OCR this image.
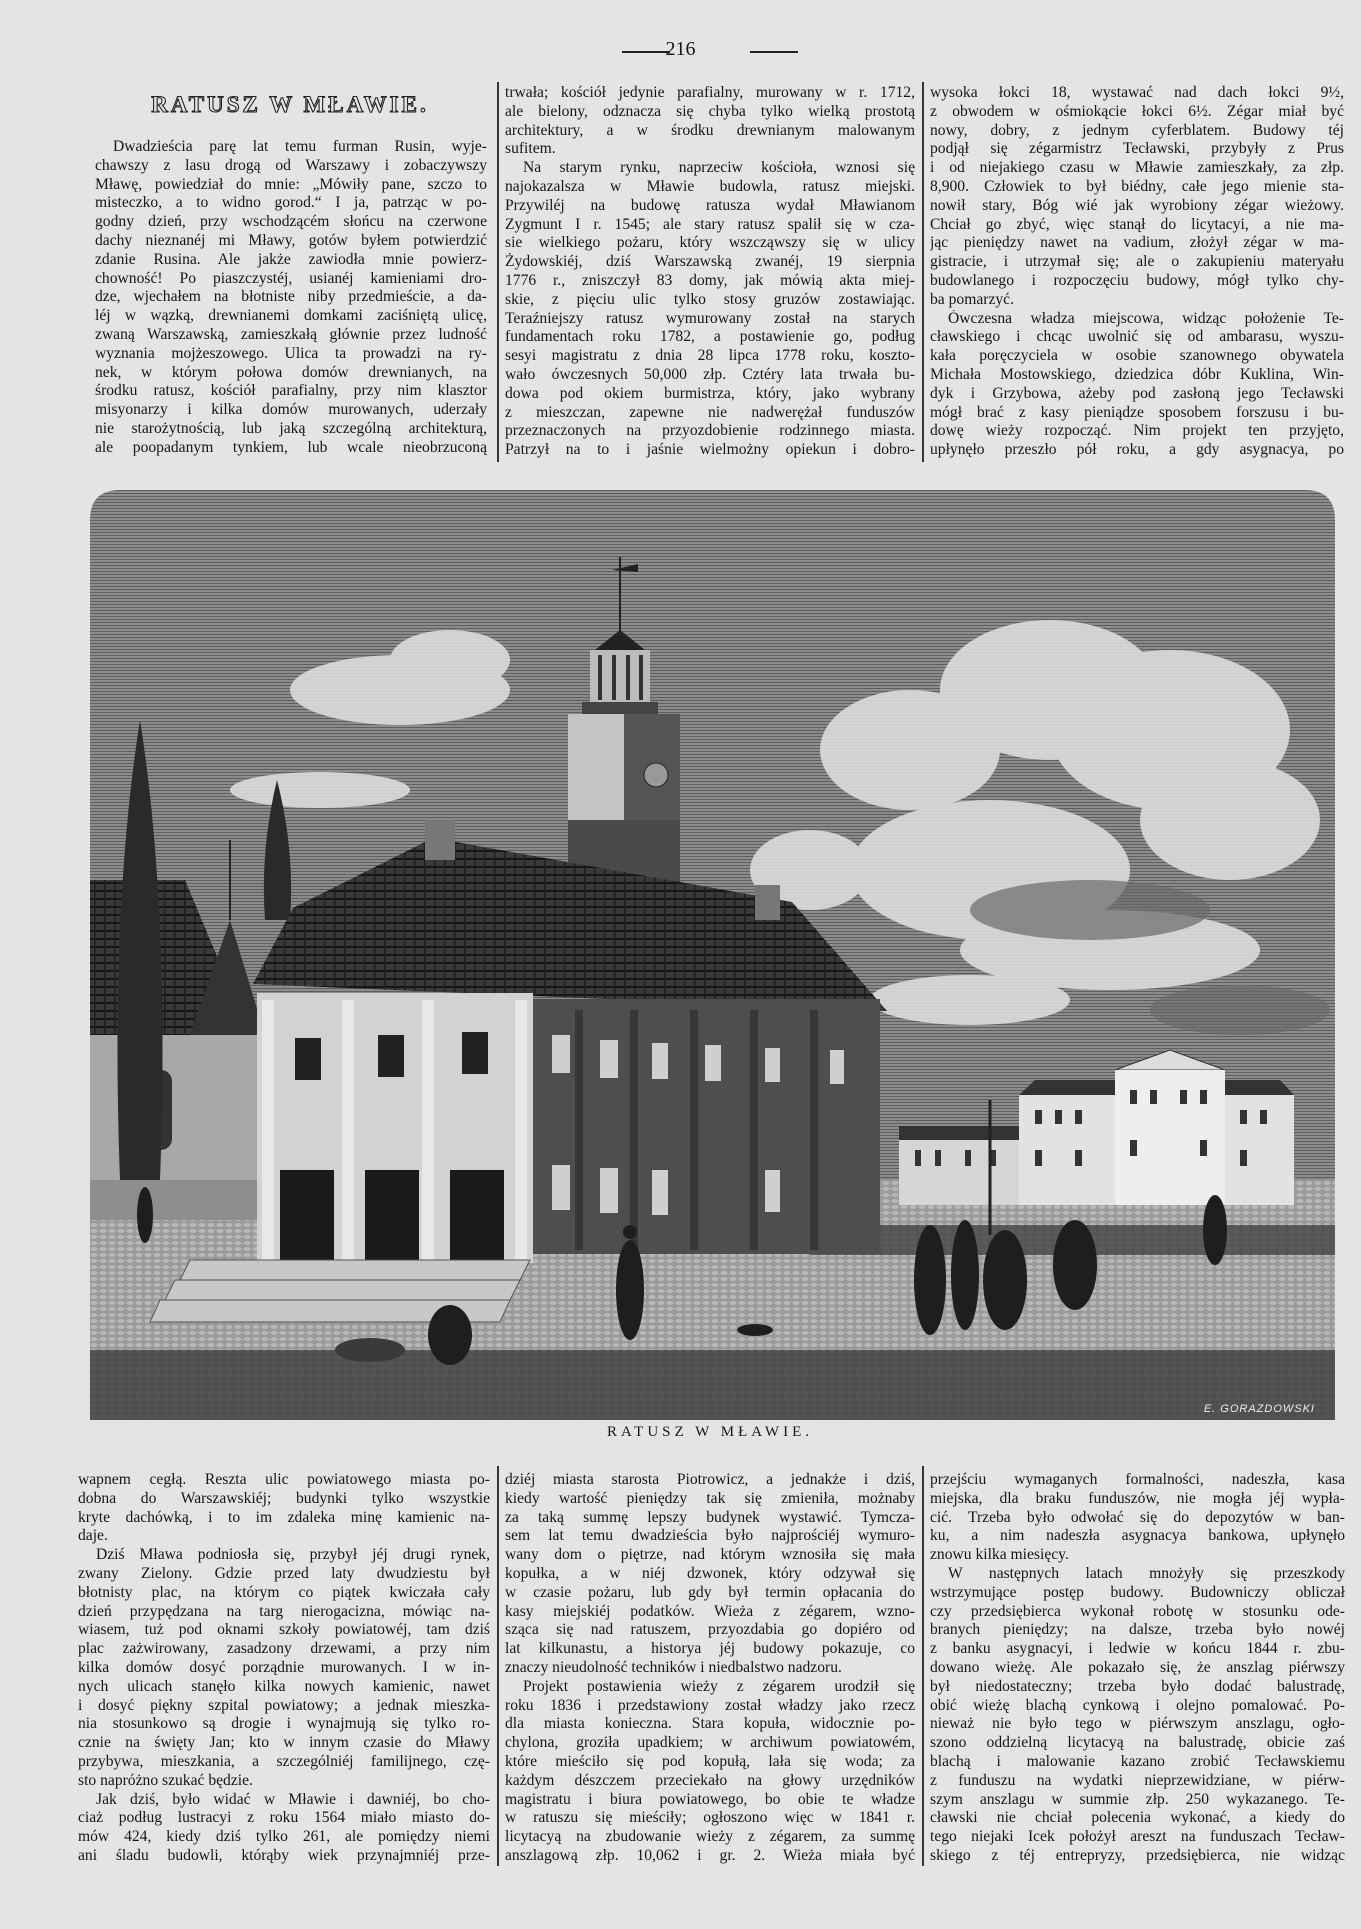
216
RATUSZ W MŁAWIE.
Dwadzieścia parę lat temu furman Rusin, wyje-
chawszy z lasu drogą od Warszawy i zobaczywszy
Mławę, powiedział do mnie: „Mówiły pane, szczo to
misteczko, a to widno gorod.“ I ja, patrząc w po-
godny dzień, przy wschodzącém słońcu na czerwone
dachy nieznanéj mi Mławy, gotów byłem potwierdzić
zdanie Rusina. Ale jakże zawiodła mnie powierz-
chowność! Po piaszczystéj, usianéj kamieniami dro-
dze, wjechałem na błotniste niby przedmieście, a da-
léj w wązką, drewnianemi domkami zaciśniętą ulicę,
zwaną Warszawską, zamieszkałą głównie przez ludność
wyznania mojżeszowego. Ulica ta prowadzi na ry-
nek, w którym połowa domów drewnianych, na
środku ratusz, kościół parafialny, przy nim klasztor
misyonarzy i kilka domów murowanych, uderzały
nie starożytnością, lub jaką szczególną architekturą,
ale poopadanym tynkiem, lub wcale nieobrzuconą
trwała; kościół jedynie parafialny, murowany w r. 1712,
ale bielony, odznacza się chyba tylko wielką prostotą
architektury, a w środku drewnianym malowanym
sufitem.
Na starym rynku, naprzeciw kościoła, wznosi się
najokazalsza w Mławie budowla, ratusz miejski.
Przywiléj na budowę ratusza wydał Mławianom
Zygmunt I r. 1545; ale stary ratusz spalił się w cza-
sie wielkiego pożaru, który wszcząwszy się w ulicy
Żydowskiéj, dziś Warszawską zwanéj, 19 sierpnia
1776 r., zniszczył 83 domy, jak mówią akta miej-
skie, z pięciu ulic tylko stosy gruzów zostawiając.
Teraźniejszy ratusz wymurowany został na starych
fundamentach roku 1782, a postawienie go, podług
sesyi magistratu z dnia 28 lipca 1778 roku, koszto-
wało ówczesnych 50,000 złp. Cztéry lata trwała bu-
dowa pod okiem burmistrza, który, jako wybrany
z mieszczan, zapewne nie nadwerężał funduszów
przeznaczonych na przyozdobienie rodzinnego miasta.
Patrzył na to i jaśnie wielmożny opiekun i dobro-
wysoka łokci 18, wystawać nad dach łokci 9½,
z obwodem w ośmiokącie łokci 6½. Zégar miał być
nowy, dobry, z jednym cyferblatem. Budowy téj
podjął się zégarmistrz Tecławski, przybyły z Prus
i od niejakiego czasu w Mławie zamieszkały, za złp.
8,900. Człowiek to był biédny, całe jego mienie sta-
nowił stary, Bóg wié jak wyrobiony zégar wieżowy.
Chciał go zbyć, więc stanął do licytacyi, a nie ma-
jąc pieniędzy nawet na vadium, złożył zégar w ma-
gistracie, i utrzymał się; ale o zakupieniu materyału
budowlanego i rozpoczęciu budowy, mógł tylko chy-
ba pomarzyć.
Ówczesna władza miejscowa, widząc położenie Te-
cławskiego i chcąc uwolnić się od ambarasu, wyszu-
kała poręczyciela w osobie szanownego obywatela
Michała Mostowskiego, dziedzica dóbr Kuklina, Win-
dyk i Grzybowa, ażeby pod zasłoną jego Tecławski
mógł brać z kasy pieniądze sposobem forszusu i bu-
dowę wieży rozpocząć. Nim projekt ten przyjęto,
upłynęło przeszło pół roku, a gdy asygnacya, po
E. GORAZDOWSKI
RATUSZ W MŁAWIE.
wapnem cegłą. Reszta ulic powiatowego miasta po-
dobna do Warszawskiéj; budynki tylko wszystkie
kryte dachówką, i to im zdaleka minę kamienic na-
daje.
Dziś Mława podniosła się, przybył jéj drugi rynek,
zwany Zielony. Gdzie przed laty dwudziestu był
błotnisty plac, na którym co piątek kwiczała cały
dzień przypędzana na targ nierogacizna, mówiąc na-
wiasem, tuż pod oknami szkoły powiatowéj, tam dziś
plac zażwirowany, zasadzony drzewami, a przy nim
kilka domów dosyć porządnie murowanych. I w in-
nych ulicach stanęło kilka nowych kamienic, nawet
i dosyć piękny szpital powiatowy; a jednak mieszka-
nia stosunkowo są drogie i wynajmują się tylko ro-
cznie na święty Jan; kto w innym czasie do Mławy
przybywa, mieszkania, a szczególniéj familijnego, czę-
sto napróżno szukać będzie.
Jak dziś, było widać w Mławie i dawniéj, bo cho-
ciaż podług lustracyi z roku 1564 miało miasto do-
mów 424, kiedy dziś tylko 261, ale pomiędzy niemi
ani śladu budowli, którąby wiek przynajmniéj prze-
dziéj miasta starosta Piotrowicz, a jednakże i dziś,
kiedy wartość pieniędzy tak się zmieniła, możnaby
za taką summę lepszy budynek wystawić. Tymcza-
sem lat temu dwadzieścia było najprościéj wymuro-
wany dom o piętrze, nad którym wznosiła się mała
kopułka, a w niéj dzwonek, który odzywał się
w czasie pożaru, lub gdy był termin opłacania do
kasy miejskiéj podatków. Wieża z zégarem, wzno-
sząca się nad ratuszem, przyozdabia go dopiéro od
lat kilkunastu, a historya jéj budowy pokazuje, co
znaczy nieudolność techników i niedbalstwo nadzoru.
Projekt postawienia wieży z zégarem urodził się
roku 1836 i przedstawiony został władzy jako rzecz
dla miasta konieczna. Stara kopuła, widocznie po-
chylona, groziła upadkiem; w archiwum powiatowém,
które mieściło się pod kopułą, lała się woda; za
każdym dészczem przeciekało na głowy urzędników
magistratu i biura powiatowego, bo obie te władze
w ratuszu się mieściły; ogłoszono więc w 1841 r.
licytacyą na zbudowanie wieży z zégarem, za summę
anszlagową złp. 10,062 i gr. 2. Wieża miała być
przejściu wymaganych formalności, nadeszła, kasa
miejska, dla braku funduszów, nie mogła jéj wypła-
cić. Trzeba było odwołać się do depozytów w ban-
ku, a nim nadeszła asygnacya bankowa, upłynęło
znowu kilka miesięcy.
W następnych latach mnożyły się przeszkody
wstrzymujące postęp budowy. Budowniczy obliczał
czy przedsiębierca wykonał robotę w stosunku ode-
branych pieniędzy; na dalsze, trzeba było nowéj
z banku asygnacyi, i ledwie w końcu 1844 r. zbu-
dowano wieżę. Ale pokazało się, że anszlag piérwszy
był niedostateczny; trzeba było dodać balustradę,
obić wieżę blachą cynkową i olejno pomalować. Po-
nieważ nie było tego w piérwszym anszlagu, ogło-
szono oddzielną licytacyą na balustradę, obicie zaś
blachą i malowanie kazano zrobić Tecławskiemu
z funduszu na wydatki nieprzewidziane, w piérw-
szym anszlagu w summie złp. 250 wykazanego. Te-
cławski nie chciał polecenia wykonać, a kiedy do
tego niejaki Icek położył areszt na funduszach Tecław-
skiego z téj entrepryzy, przedsiębierca, nie widząc
